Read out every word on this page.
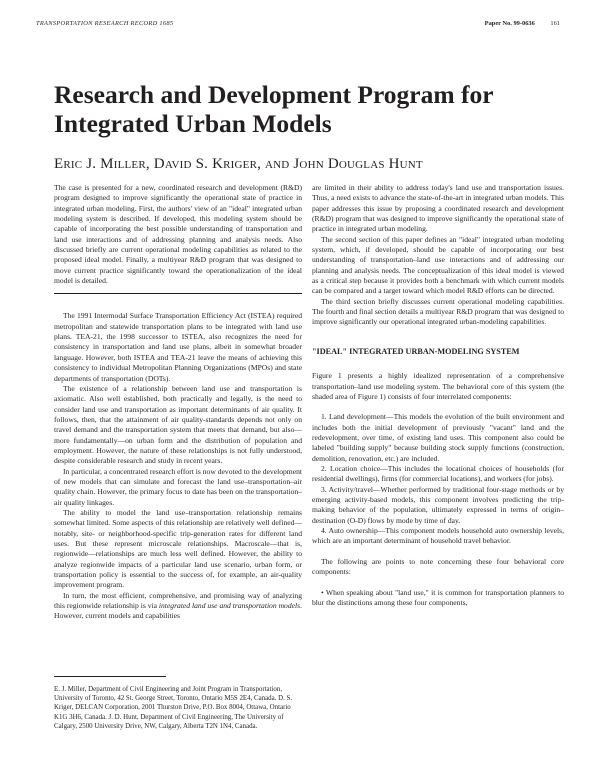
TRANSPORTATION RESEARCH RECORD 1685	Paper No. 99-0636 161
Research and Development Program for Integrated Urban Models
Eric J. Miller, David S. Kriger, and John Douglas Hunt

The case is presented for a new, coordinated research and development (R&D) program designed to improve significantly the operational state of practice in integrated urban modeling. First, the authors' view of an "ideal" integrated urban modeling system is described. If developed, this modeling system should be capable of incorporating the best possible understanding of transportation and land use interactions and of addressing planning and analysis needs. Also discussed briefly are current operational modeling capabilities as related to the proposed ideal model. Finally, a multiyear R&D program that was designed to move current practice significantly toward the operationalization of the ideal model is detailed.

The 1991 Intermodal Surface Transportation Efficiency Act (ISTEA) required metropolitan and statewide transportation plans to be integrated with land use plans. TEA-21, the 1998 successor to ISTEA, also recognizes the need for consistency in transportation and land use plans, albeit in somewhat broader language. However, both ISTEA and TEA-21 leave the means of achieving this consistency to individual Metropolitan Planning Organizations (MPOs) and state departments of transportation (DOTs).

The existence of a relationship between land use and transportation is axiomatic. Also well established, both practically and legally, is the need to consider land use and transportation as important determinants of air quality. It follows, then, that the attainment of air quality-standards depends not only on travel demand and the transportation system that meets that demand, but also—more fundamentally—on urban form and the distribution of population and employment. However, the nature of these relationships is not fully understood, despite considerable research and study in recent years.

In particular, a concentrated research effort is now devoted to the development of new models that can simulate and forecast the land use–transportation–air quality chain. However, the primary focus to date has been on the transportation–air quality linkages.

The ability to model the land use–transportation relationship remains somewhat limited. Some aspects of this relationship are relatively well defined—notably, site- or neighborhood-specific trip-generation rates for different land uses. But these represent microscale relationships. Macroscale—that is, regionwide—relationships are much less well defined. However, the ability to analyze regionwide impacts of a particular land use scenario, urban form, or transportation policy is essential to the success of, for example, an air-quality improvement program.

In turn, the most efficient, comprehensive, and promising way of analyzing this regionwide relationship is via integrated land use and transportation models. However, current models and capabilities

E. J. Miller, Department of Civil Engineering and Joint Program in Transportation, University of Toronto, 42 St. George Street, Toronto, Ontario M5S 2E4, Canada. D. S. Kriger, DELCAN Corporation, 2001 Thurston Drive, P.O. Box 8004, Ottawa, Ontario K1G 3H6, Canada. J. D. Hunt, Department of Civil Engineering, The University of Calgary, 2500 University Drive, NW, Calgary, Alberta T2N 1N4, Canada.

are limited in their ability to address today's land use and transportation issues. Thus, a need exists to advance the state-of-the-art in integrated urban models. This paper addresses this issue by proposing a coordinated research and development (R&D) program that was designed to improve significantly the operational state of practice in integrated urban modeling.

The second section of this paper defines an "ideal" integrated urban modeling system, which, if developed, should be capable of incorporating our best understanding of transportation–land use interactions and of addressing our planning and analysis needs. The conceptualization of this ideal model is viewed as a critical step because it provides both a benchmark with which current models can be compared and a target toward which model R&D efforts can be directed.

The third section briefly discusses current operational modeling capabilities. The fourth and final section details a multiyear R&D program that was designed to improve significantly our operational integrated urban-modeling capabilities.

"IDEAL" INTEGRATED URBAN-MODELING SYSTEM

Figure 1 presents a highly idealized representation of a comprehensive transportation–land use modeling system. The behavioral core of this system (the shaded area of Figure 1) consists of four interrelated components:

1. Land development—This models the evolution of the built environment and includes both the initial development of previously "vacant" land and the redevelopment, over time, of existing land uses. This component also could be labeled "building supply" because building stock supply functions (construction, demolition, renovation, etc.) are included.

2. Location choice—This includes the locational choices of households (for residential dwellings), firms (for commercial locations), and workers (for jobs).

3. Activity/travel—Whether performed by traditional four-stage methods or by emerging activity-based models, this component involves predicting the trip-making behavior of the population, ultimately expressed in terms of origin–destination (O-D) flows by mode by time of day.

4. Auto ownership—This component models household auto ownership levels, which are an important determinant of household travel behavior.

The following are points to note concerning these four behavioral core components:

• When speaking about "land use," it is common for transportation planners to blur the distinctions among these four components,
